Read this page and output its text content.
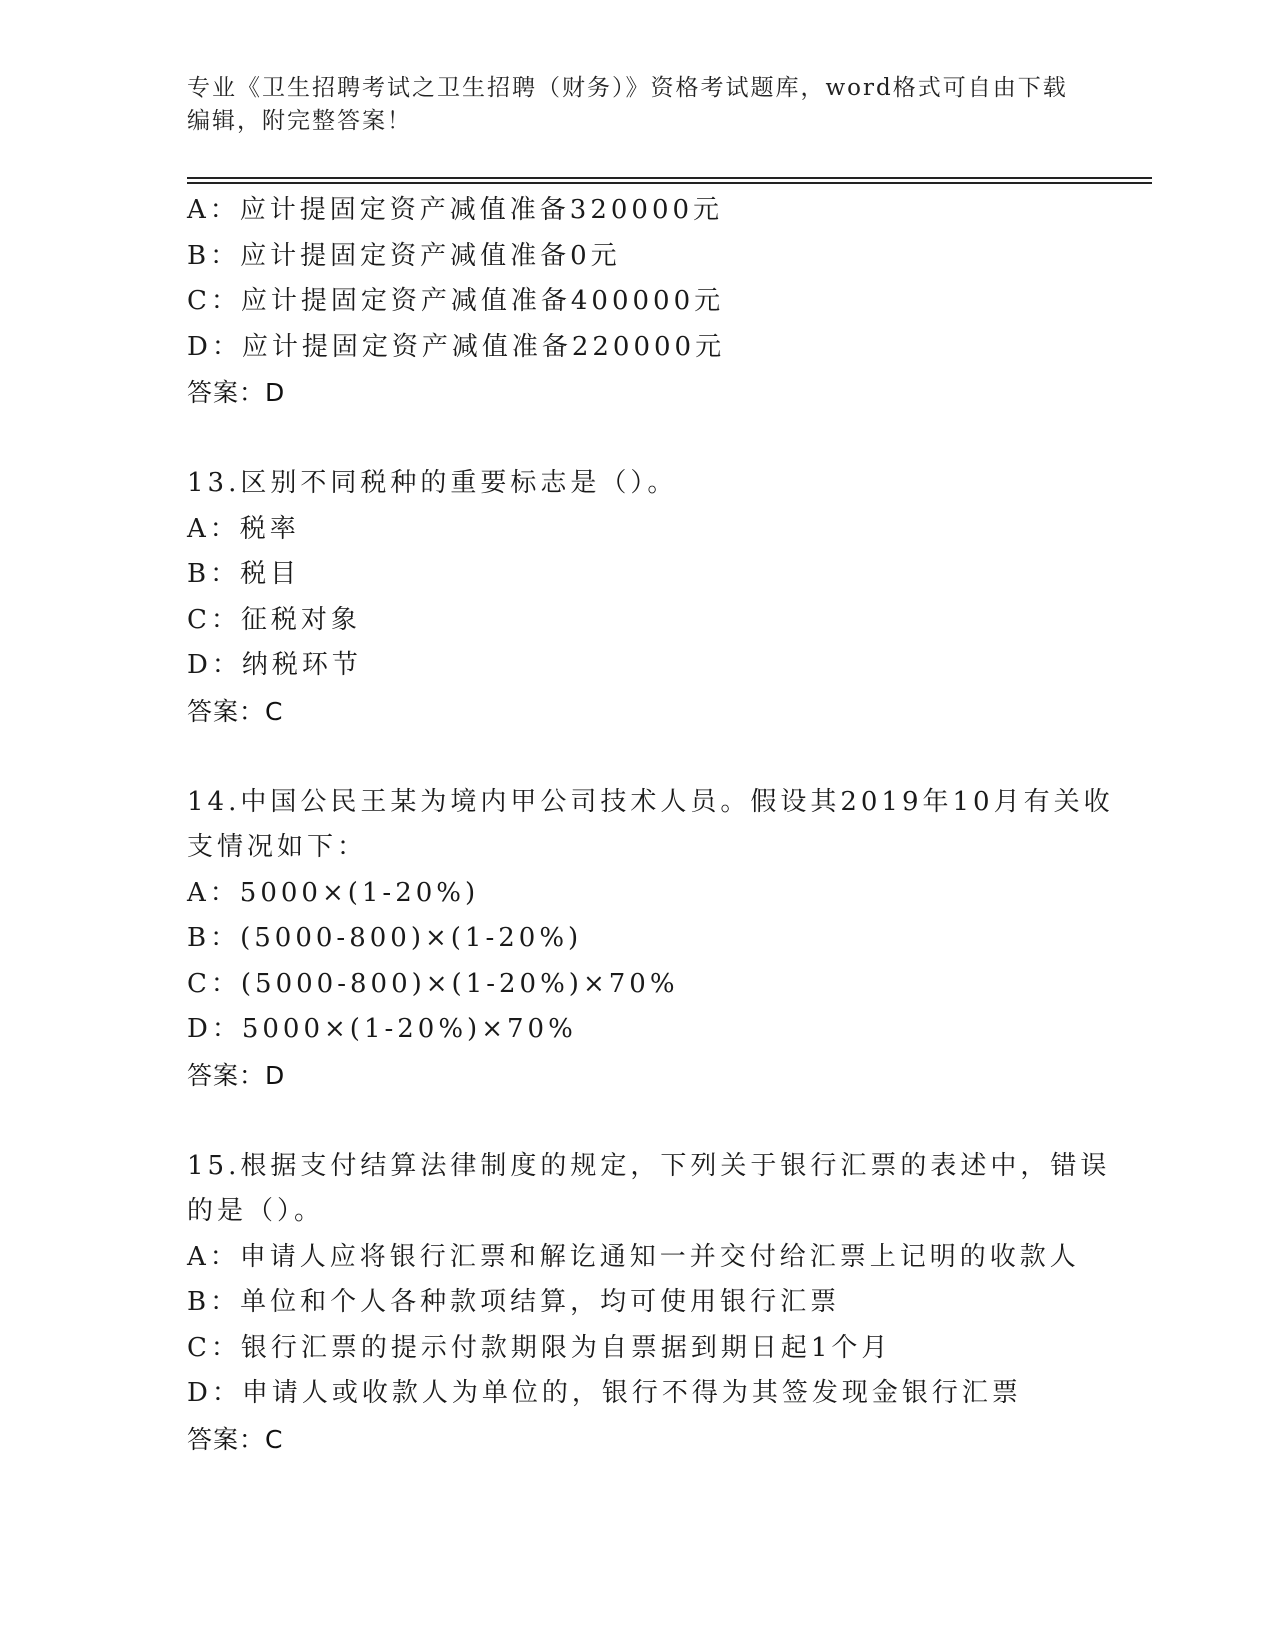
专业《卫生招聘考试之卫生招聘（财务）》资格考试题库，word格式可自由下载
编辑，附完整答案！
A：应计提固定资产减值准备320000元
B：应计提固定资产减值准备0元
C：应计提固定资产减值准备400000元
D：应计提固定资产减值准备220000元
答案：D
13.区别不同税种的重要标志是（）。
A：税率
B：税目
C：征税对象
D：纳税环节
答案：C
14.中国公民王某为境内甲公司技术人员。假设其2019年10月有关收
支情况如下：
A：5000×(1-20%)
B：(5000-800)×(1-20%)
C：(5000-800)×(1-20%)×70%
D：5000×(1-20%)×70%
答案：D
15.根据支付结算法律制度的规定，下列关于银行汇票的表述中，错误
的是（）。
A：申请人应将银行汇票和解讫通知一并交付给汇票上记明的收款人
B：单位和个人各种款项结算，均可使用银行汇票
C：银行汇票的提示付款期限为自票据到期日起1个月
D：申请人或收款人为单位的，银行不得为其签发现金银行汇票
答案：C
